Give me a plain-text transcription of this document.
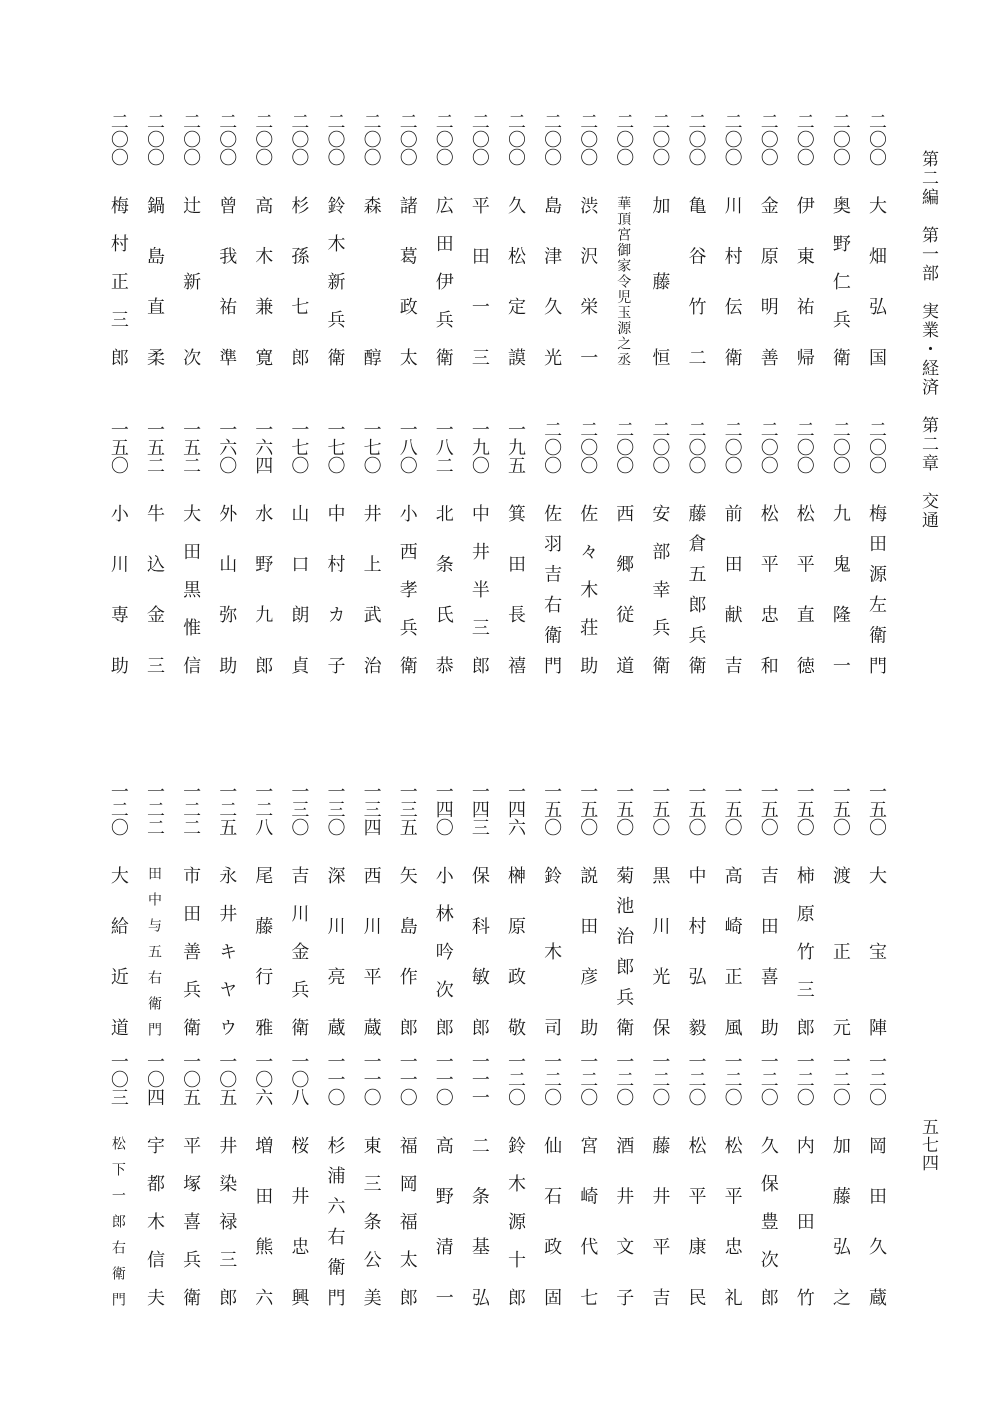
第二編　第一部　実業・経済　第二章　交通
五七四
二〇〇
大畑弘国
二〇〇
奥野仁兵衛
二〇〇
伊東祐帰
二〇〇
金原明善
二〇〇
川村伝衛
二〇〇
亀谷竹二
二〇〇
加藤恒
二〇〇
華頂宮御家令児玉源之丞
二〇〇
渋沢栄一
二〇〇
島津久光
二〇〇
久松定謨
二〇〇
平田一三
二〇〇
広田伊兵衛
二〇〇
諸葛政太
二〇〇
森醇
二〇〇
鈴木新兵衛
二〇〇
杉孫七郎
二〇〇
高木兼寛
二〇〇
曾我祐準
二〇〇
辻新次
二〇〇
鍋島直柔
二〇〇
梅村正三郎
二〇〇
梅田源左衛門
二〇〇
九鬼隆一
二〇〇
松平直徳
二〇〇
松平忠和
二〇〇
前田献吉
二〇〇
藤倉五郎兵衛
二〇〇
安部幸兵衛
二〇〇
西郷従道
二〇〇
佐々木荘助
二〇〇
佐羽吉右衛門
一九五
箕田長禧
一九〇
中井半三郎
一八二
北条氏恭
一八〇
小西孝兵衛
一七〇
井上武治
一七〇
中村カ子
一七〇
山口朗貞
一六四
水野九郎
一六〇
外山弥助
一五二
大田黒惟信
一五二
牛込金三
一五〇
小川専助
一五〇
大宝陣
一五〇
渡正元
一五〇
柿原竹三郎
一五〇
吉田喜助
一五〇
高崎正風
一五〇
中村弘毅
一五〇
黒川光保
一五〇
菊池治郎兵衛
一五〇
説田彦助
一五〇
鈴木司
一四六
榊原政敬
一四三
保科敏郎
一四〇
小林吟次郎
一三五
矢島作郎
一三四
西川平蔵
一三〇
深川亮蔵
一三〇
吉川金兵衛
一二八
尾藤行雅
一二五
永井キヤウ
一二二
市田善兵衛
一二二
田中与五右衛門
一二〇
大給近道
一二〇
岡田久蔵
一二〇
加藤弘之
一二〇
内田竹
一二〇
久保豊次郎
一二〇
松平忠礼
一二〇
松平康民
一二〇
藤井平吉
一二〇
酒井文子
一二〇
宮崎代七
一二〇
仙石政固
一二〇
鈴木源十郎
一一一
二条基弘
一一〇
高野清一
一一〇
福岡福太郎
一一〇
東三条公美
一一〇
杉浦六右衛門
一〇八
桜井忠興
一〇六
増田熊六
一〇五
井染禄三郎
一〇五
平塚喜兵衛
一〇四
宇都木信夫
一〇三
松下一郎右衛門
